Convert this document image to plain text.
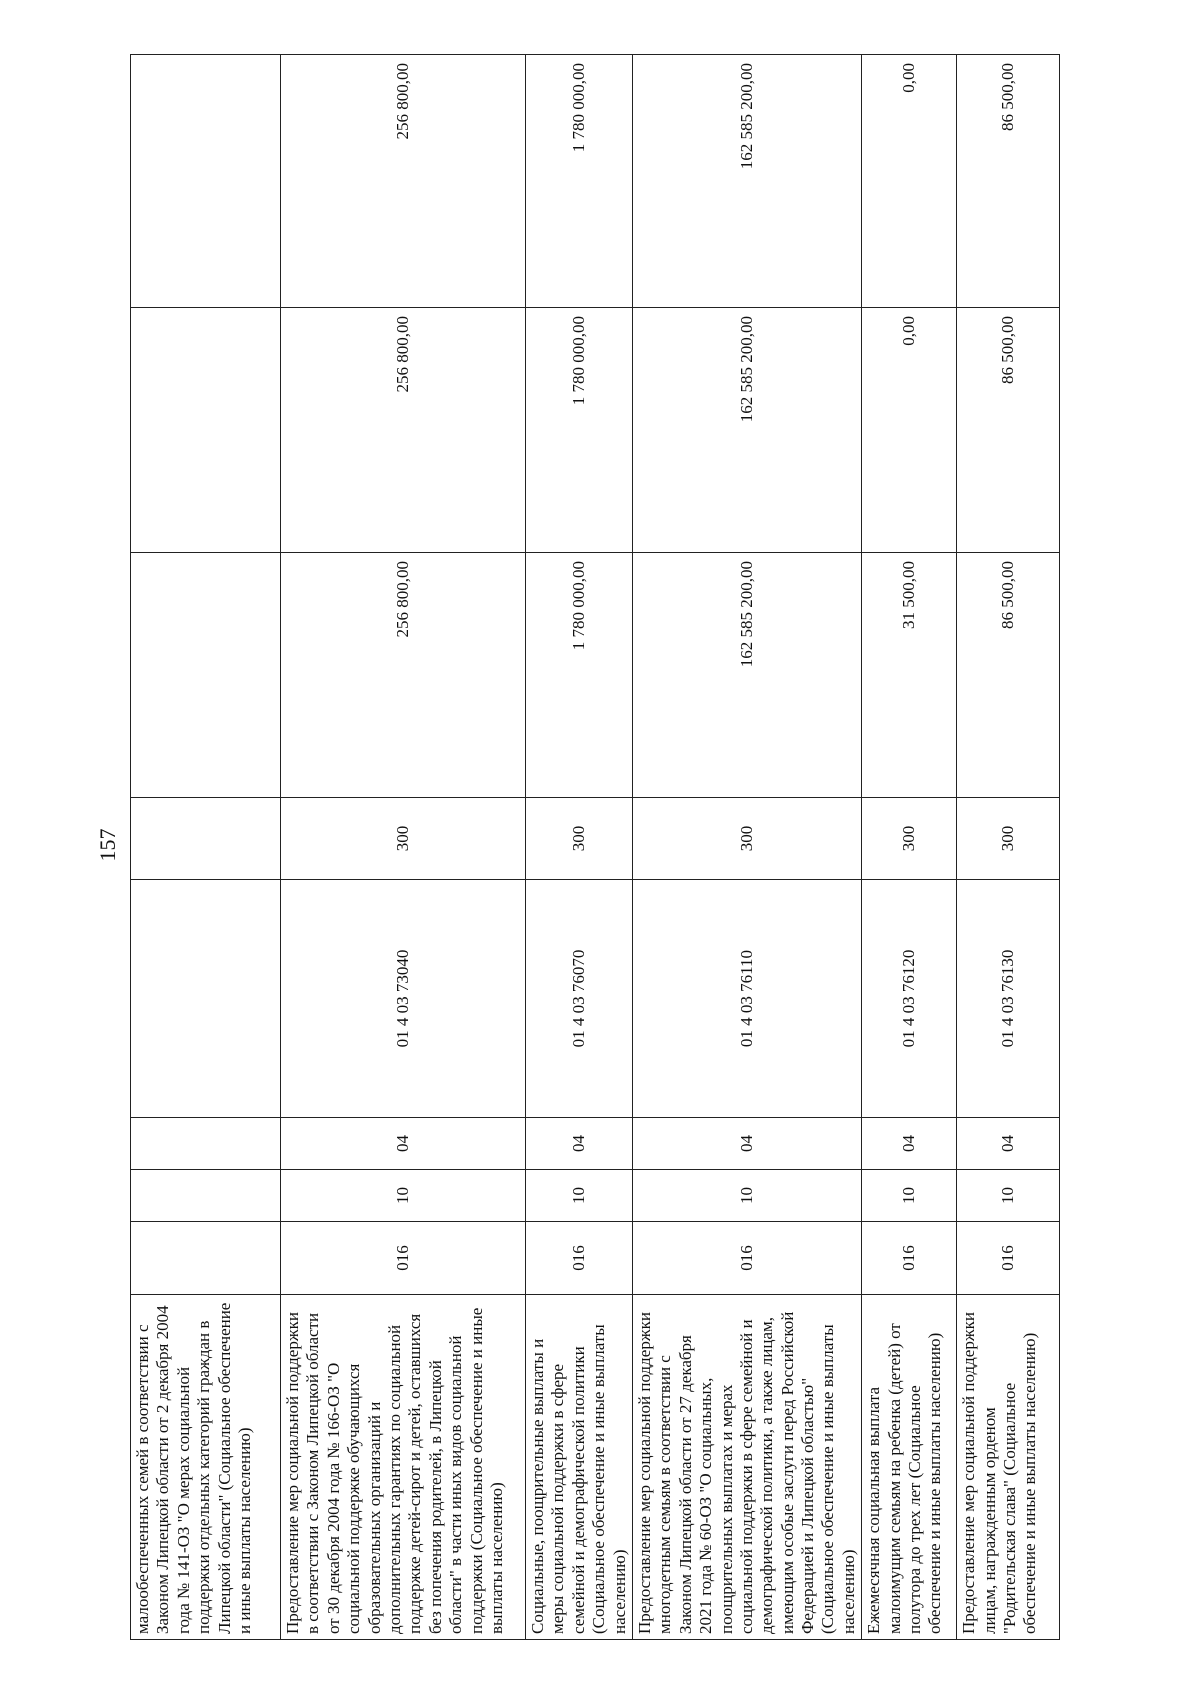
157
малообеспеченных семей в соответствии с Законом Липецкой области от 2 декабря 2004 года № 141-ОЗ "О мерах социальной поддержки отдельных категорий граждан в Липецкой области" (Социальное обеспечение и иные выплаты населению)								
Предоставление мер социальной поддержки в соответствии с Законом Липецкой области от 30 декабря 2004 года № 166-ОЗ "О социальной поддержке обучающихся образовательных организаций и дополнительных гарантиях по социальной поддержке детей-сирот и детей, оставшихся без попечения родителей, в Липецкой области" в части иных видов социальной поддержки (Социальное обеспечение и иные выплаты населению)	016	10	04	01 4 03 73040	300	256 800,00	256 800,00	256 800,00
Социальные, поощрительные выплаты и меры социальной поддержки в сфере семейной и демографической политики (Социальное обеспечение и иные выплаты населению)	016	10	04	01 4 03 76070	300	1 780 000,00	1 780 000,00	1 780 000,00
Предоставление мер социальной поддержки многодетным семьям в соответствии с Законом Липецкой области от 27 декабря 2021 года № 60-ОЗ "О социальных, поощрительных выплатах и мерах социальной поддержки в сфере семейной и демографической политики, а также лицам, имеющим особые заслуги перед Российской Федерацией и Липецкой областью" (Социальное обеспечение и иные выплаты населению)	016	10	04	01 4 03 76110	300	162 585 200,00	162 585 200,00	162 585 200,00
Ежемесячная социальная выплата малоимущим семьям на ребенка (детей) от полутора до трех лет (Социальное обеспечение и иные выплаты населению)	016	10	04	01 4 03 76120	300	31 500,00	0,00	0,00
Предоставление мер социальной поддержки лицам, награжденным орденом "Родительская слава" (Социальное обеспечение и иные выплаты населению)	016	10	04	01 4 03 76130	300	86 500,00	86 500,00	86 500,00
